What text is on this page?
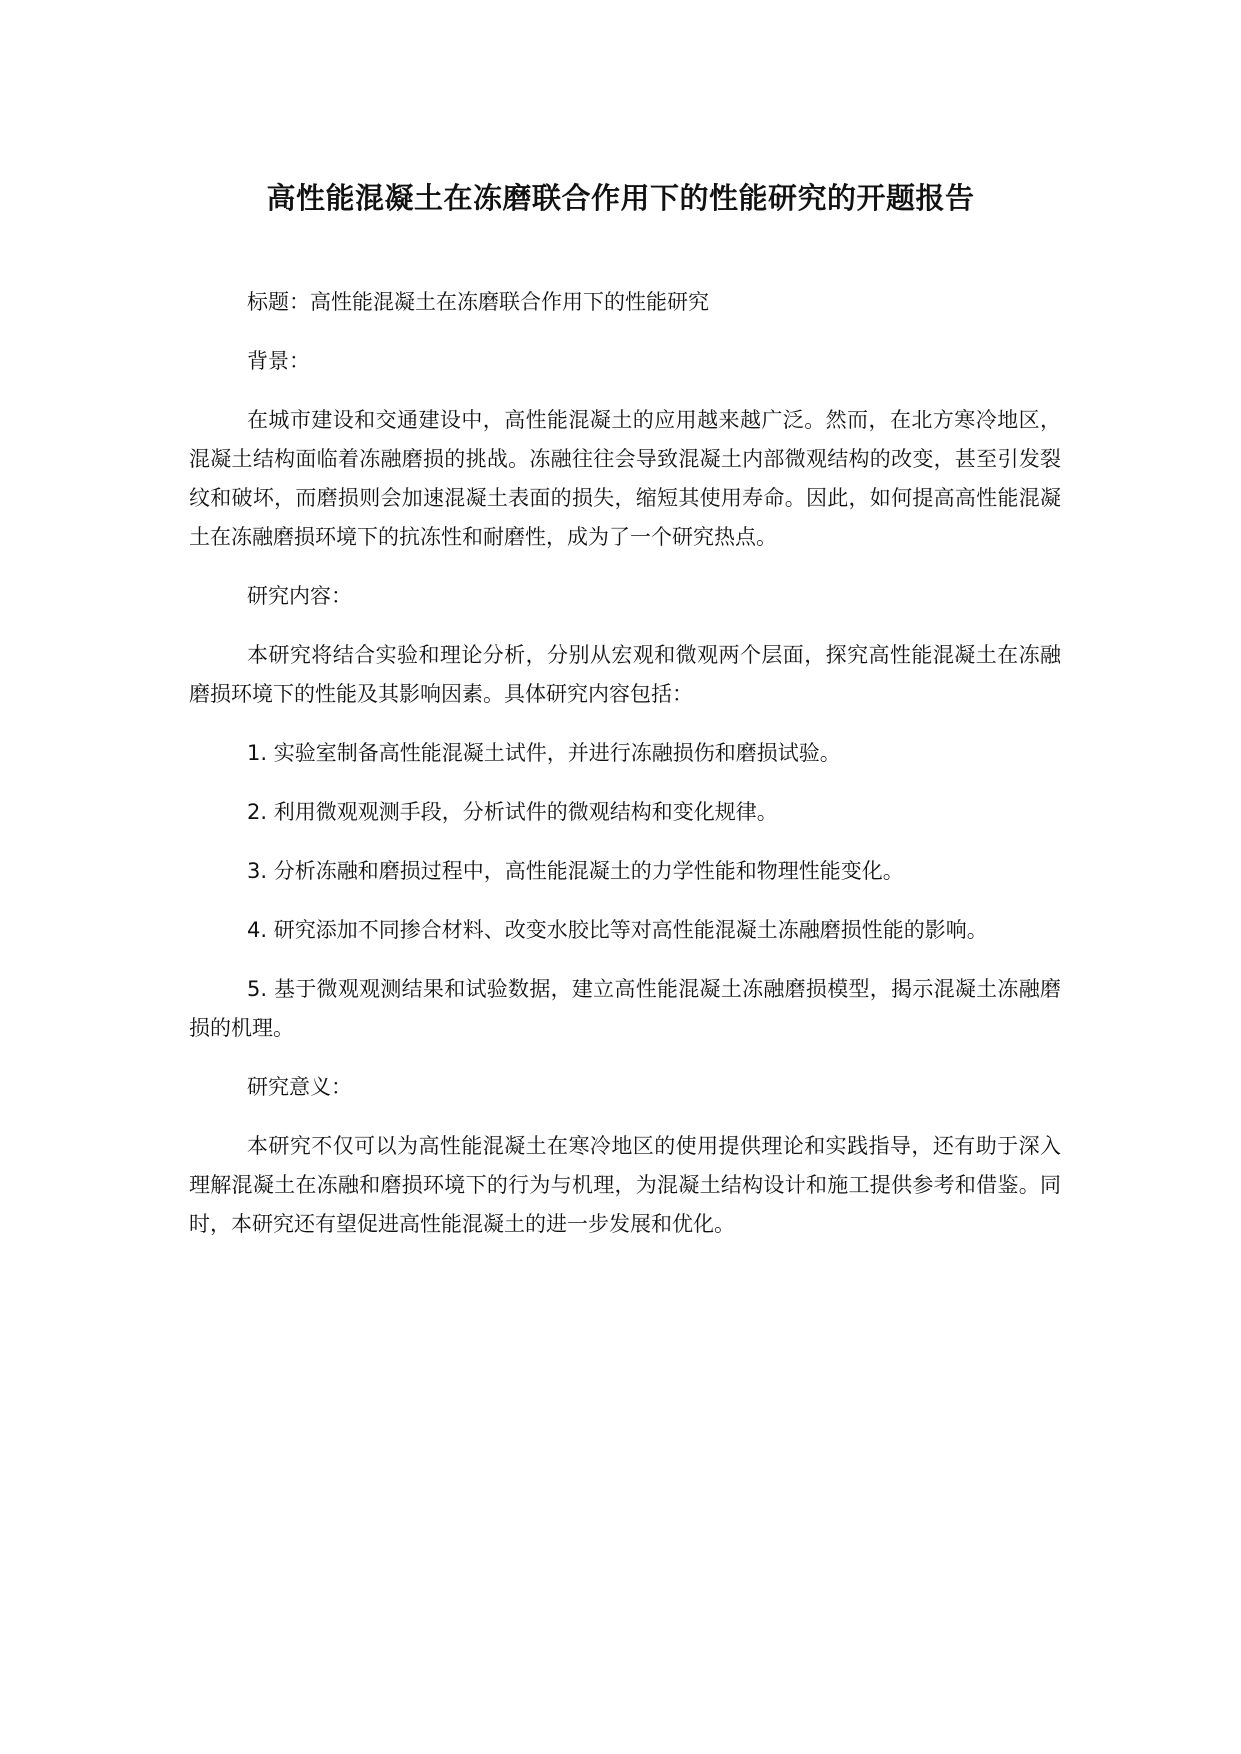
高性能混凝土在冻磨联合作用下的性能研究的开题报告

标题：高性能混凝土在冻磨联合作用下的性能研究

背景：

在城市建设和交通建设中，高性能混凝土的应用越来越广泛。然而，在北方寒冷地区，混凝土结构面临着冻融磨损的挑战。冻融往往会导致混凝土内部微观结构的改变，甚至引发裂纹和破坏，而磨损则会加速混凝土表面的损失，缩短其使用寿命。因此，如何提高高性能混凝土在冻融磨损环境下的抗冻性和耐磨性，成为了一个研究热点。

研究内容：

本研究将结合实验和理论分析，分别从宏观和微观两个层面，探究高性能混凝土在冻融磨损环境下的性能及其影响因素。具体研究内容包括：

1. 实验室制备高性能混凝土试件，并进行冻融损伤和磨损试验。

2. 利用微观观测手段，分析试件的微观结构和变化规律。

3. 分析冻融和磨损过程中，高性能混凝土的力学性能和物理性能变化。

4. 研究添加不同掺合材料、改变水胶比等对高性能混凝土冻融磨损性能的影响。

5. 基于微观观测结果和试验数据，建立高性能混凝土冻融磨损模型，揭示混凝土冻融磨损的机理。

研究意义：

本研究不仅可以为高性能混凝土在寒冷地区的使用提供理论和实践指导，还有助于深入理解混凝土在冻融和磨损环境下的行为与机理，为混凝土结构设计和施工提供参考和借鉴。同时，本研究还有望促进高性能混凝土的进一步发展和优化。
